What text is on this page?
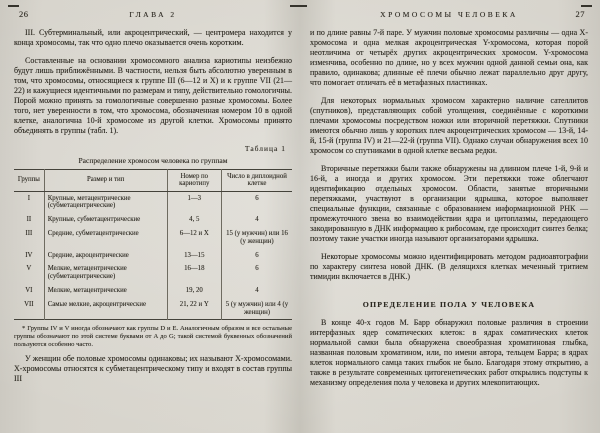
26	ГЛАВА 2

III. Субтерминальный, или акроцентрический, — центромера находится у конца хромосомы, так что одно плечо оказывается очень коротким.

Составленные на основании хромосомного анализа кариотипы неизбежно будут лишь приближёнными. В частности, нельзя быть абсолютно уверенным в том, что хромосомы, относящиеся к группе III (6—12 и X) и к группе VII (21—22) и кажущиеся идентичными по размерам и типу, действительно гомологичны. Порой можно принять за гомологичные совершенно разные хромосомы. Более того, нет уверенности в том, что хромосома, обозначенная номером 10 в одной клетке, аналогична 10-й хромосоме из другой клетки. Хромосомы принято объединять в группы (табл. 1).

Таблица 1
Распределение хромосом человека по группам
Группы	Размер и тип	Номер по кариотипу	Число в диплоидной клетке
I	Крупные, метацентрические (субметацентрические)	1—3	6
II	Крупные, субметацентрические	4, 5	4
III	Средние, субметацентрические	6—12 и X	15 (у мужчин) или 16 (у женщин)
IV	Средние, акроцентрические	13—15	6
V	Мелкие, метацентрические (субметацентрические)	16—18	6
VI	Мелкие, метацентрические	19, 20	4
VII	Самые мелкие, акроцентрические	21, 22 и Y	5 (у мужчин) или 4 (у женщин)
* Группы IV и V иногда обозначают как группы D и E. Аналогичным образом и все остальные группы обозначают по этой системе буквами от A до G; такой системой буквенных обозначений пользуются особенно часто.

У женщин обе половые хромосомы одинаковы; их называют X-хромосомами. X-хромосомы относятся к субметацентрическому типу и входят в состав группы III

ХРОМОСОМЫ ЧЕЛОВЕКА	27

и по длине равны 7-й паре. У мужчин половые хромосомы различны — одна X-хромосома и одна мелкая акроцентрическая Y-хромосома, которая порой неотличима от четырёх других акроцентрических хромосом. Y-хромосома изменчива, особенно по длине, но у всех мужчин одной данной семьи она, как правило, одинакова; длинные её плечи обычно лежат параллельно друг другу, что помогает отличать её в метафазных пластинках.

Для некоторых нормальных хромосом характерно наличие сателлитов (спутников), представляющих собой утолщения, соединённые с короткими плечами хромосомы посредством ножки или вторичной перетяжки. Спутники имеются обычно лишь у коротких плеч акроцентрических хромосом — 13-й, 14-й, 15-й (группа IV) и 21—22-й (группа VII). Однако случаи обнаружения всех 10 хромосом со спутниками в одной клетке весьма редки.

Вторичные перетяжки были также обнаружены на длинном плече 1-й, 9-й и 16-й, а иногда и других хромосом. Эти перетяжки тоже облегчают идентификацию отдельных хромосом. Области, занятые вторичными перетяжками, участвуют в организации ядрышка, которое выполняет специальные функции, связанные с образованием информационной РНК — промежуточного звена во взаимодействии ядра и цитоплазмы, передающего закодированную в ДНК информацию к рибосомам, где происходит синтез белка; поэтому такие участки иногда называют организаторами ядрышка.

Некоторые хромосомы можно идентифицировать методом радиоавтографии по характеру синтеза новой ДНК. (В делящихся клетках меченный тритием тимидин включается в ДНК.)

ОПРЕДЕЛЕНИЕ ПОЛА У ЧЕЛОВЕКА

В конце 40-х годов М. Барр обнаружил половые различия в строении интерфазных ядер соматических клеток: в ядрах соматических клеток нормальной самки была обнаружена своеобразная хроматиновая глыбка, названная половым хроматином, или, по имени автора, тельцем Барра; в ядрах клеток нормального самца таких глыбок не было. Благодаря этому открытию, а также в результате современных цитогенетических работ открылись подступы к механизму определения пола у человека и других млекопитающих.
